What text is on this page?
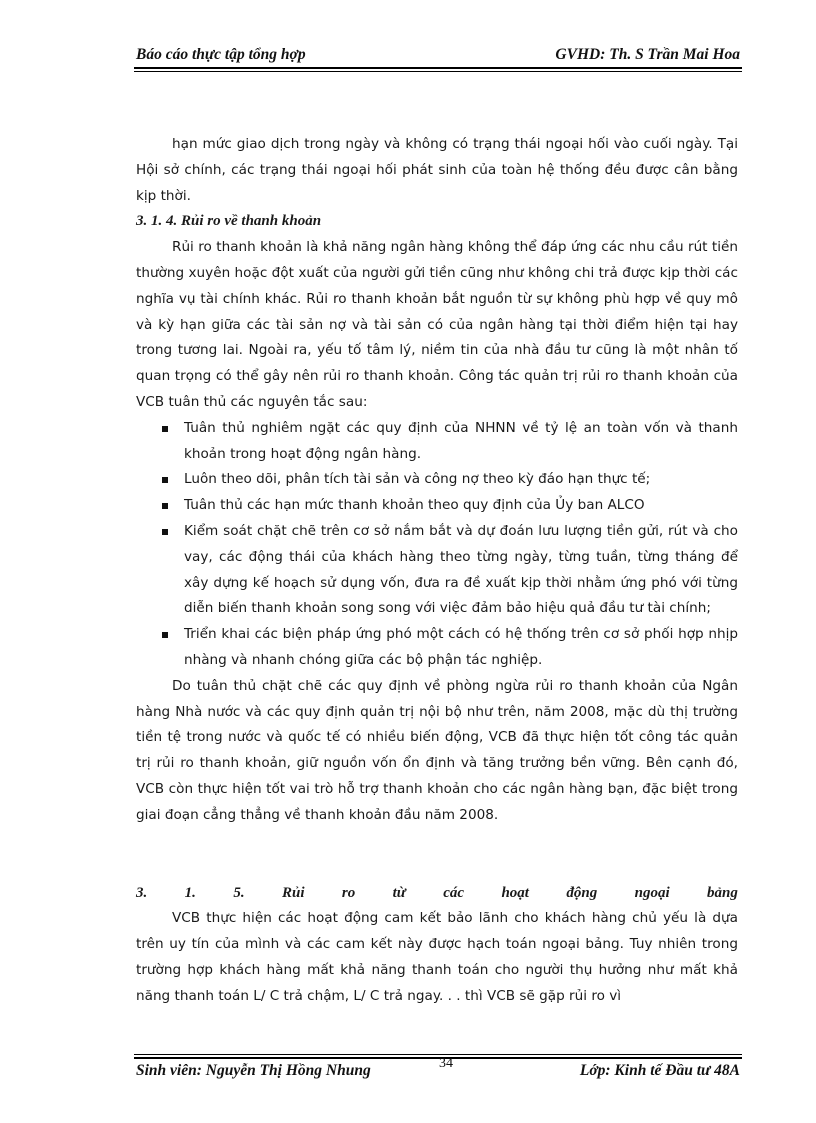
Báo cáo thực tập tổng hợp	GVHD: Th. S Trần Mai Hoa

hạn mức giao dịch trong ngày và không có trạng thái ngoại hối vào cuối ngày. Tại Hội sở chính, các trạng thái ngoại hối phát sinh của toàn hệ thống đều được cân bằng kịp thời.

3. 1. 4. Rủi ro về thanh khoản

Rủi ro thanh khoản là khả năng ngân hàng không thể đáp ứng các nhu cầu rút tiền thường xuyên hoặc đột xuất của người gửi tiền cũng như không chi trả được kịp thời các nghĩa vụ tài chính khác. Rủi ro thanh khoản bắt nguồn từ sự không phù hợp về quy mô và kỳ hạn giữa các tài sản nợ và tài sản có của ngân hàng tại thời điểm hiện tại hay trong tương lai. Ngoài ra, yếu tố tâm lý, niềm tin của nhà đầu tư cũng là một nhân tố quan trọng có thể gây nên rủi ro thanh khoản. Công tác quản trị rủi ro thanh khoản của VCB tuân thủ các nguyên tắc sau:

Tuân thủ nghiêm ngặt các quy định của NHNN về tỷ lệ an toàn vốn và thanh khoản trong hoạt động ngân hàng.

Luôn theo dõi, phân tích tài sản và công nợ theo kỳ đáo hạn thực tế;

Tuân thủ các hạn mức thanh khoản theo quy định của Ủy ban ALCO

Kiểm soát chặt chẽ trên cơ sở nắm bắt và dự đoán lưu lượng tiền gửi, rút và cho vay, các động thái của khách hàng theo từng ngày, từng tuần, từng tháng để xây dựng kế hoạch sử dụng vốn, đưa ra đề xuất kịp thời nhằm ứng phó với từng diễn biến thanh khoản song song với việc đảm bảo hiệu quả đầu tư tài chính;

Triển khai các biện pháp ứng phó một cách có hệ thống trên cơ sở phối hợp nhịp nhàng và nhanh chóng giữa các bộ phận tác nghiệp.

Do tuân thủ chặt chẽ các quy định về phòng ngừa rủi ro thanh khoản của Ngân hàng Nhà nước và các quy định quản trị nội bộ như trên, năm 2008, mặc dù thị trường tiền tệ trong nước và quốc tế có nhiều biến động, VCB đã thực hiện tốt công tác quản trị rủi ro thanh khoản, giữ nguồn vốn ổn định và tăng trưởng bền vững. Bên cạnh đó, VCB còn thực hiện tốt vai trò hỗ trợ thanh khoản cho các ngân hàng bạn, đặc biệt trong giai đoạn cẳng thẳng về thanh khoản đầu năm 2008.

3. 1. 5. Rủi ro từ các hoạt động ngoại bảng

VCB thực hiện các hoạt động cam kết bảo lãnh cho khách hàng chủ yếu là dựa trên uy tín của mình và các cam kết này được hạch toán ngoại bảng. Tuy nhiên trong trường hợp khách hàng mất khả năng thanh toán cho người thụ hưởng như mất khả năng thanh toán L/ C trả chậm, L/ C trả ngay. . . thì VCB sẽ gặp rủi ro vì

Sinh viên: Nguyễn Thị Hồng Nhung	34	Lớp: Kinh tế Đầu tư 48A
